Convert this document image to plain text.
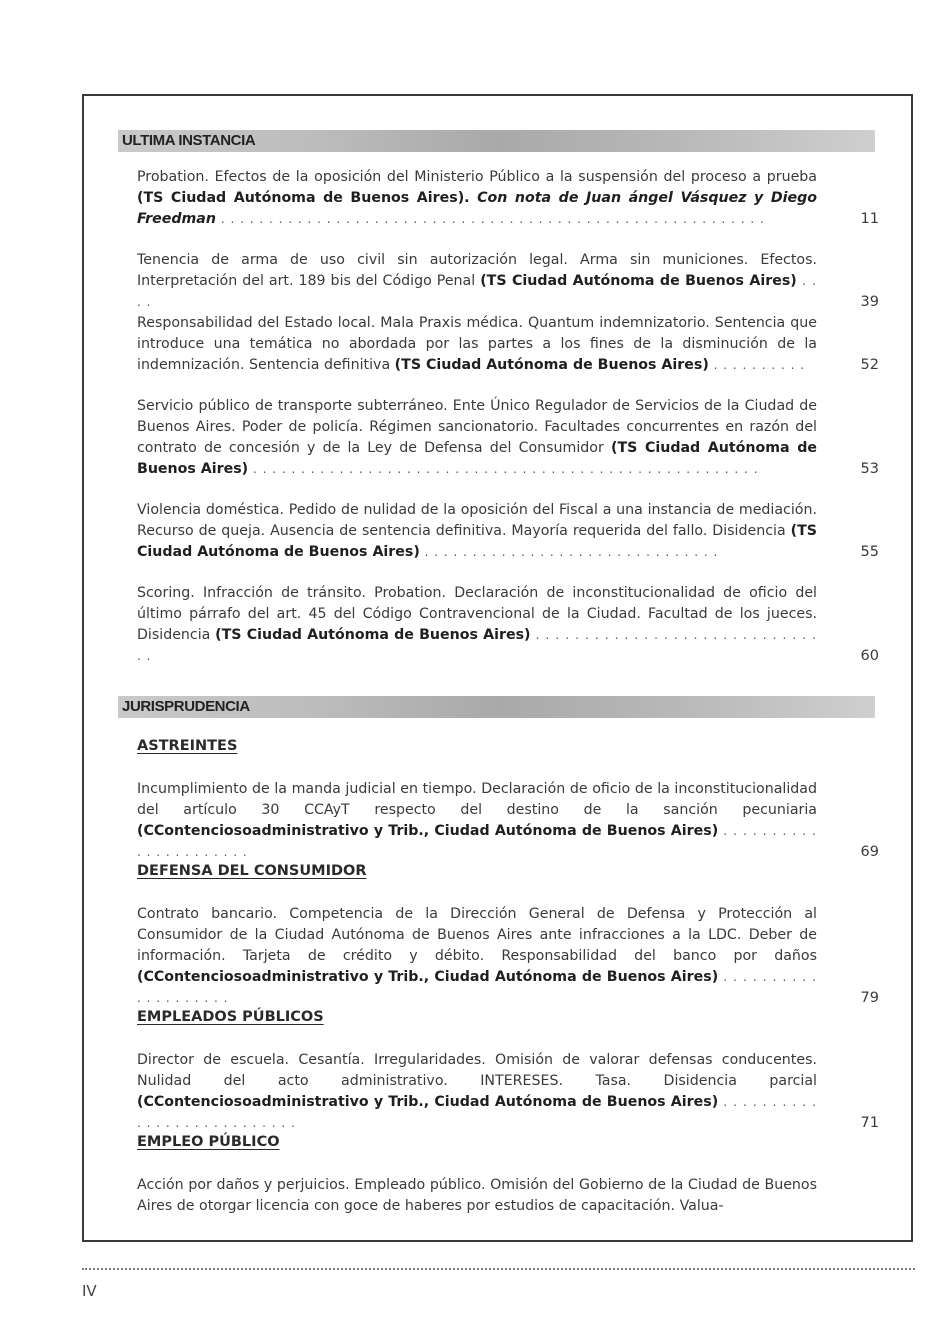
ULTIMA INSTANCIA
Probation. Efectos de la oposición del Ministerio Público a la suspensión del proceso a prueba (TS Ciudad Autónoma de Buenos Aires). Con nota de Juan ángel Vásquez y Diego Freedman . . . . . . . . . . . . . . . . . . . . . . . . . . . . . . . . . . . . . . . . . . . . . . . . . . . . . . . . .	11
Tenencia de arma de uso civil sin autorización legal. Arma sin municiones. Efectos. Interpretación del art. 189 bis del Código Penal (TS Ciudad Autónoma de Buenos Aires) . . . .	39
Responsabilidad del Estado local. Mala Praxis médica. Quantum indemnizatorio. Sentencia que introduce una temática no abordada por las partes a los fines de la disminución de la indemnización. Sentencia definitiva (TS Ciudad Autónoma de Buenos Aires) . . . . . . . . . .	52
Servicio público de transporte subterráneo. Ente Único Regulador de Servicios de la Ciudad de Buenos Aires. Poder de policía. Régimen sancionatorio. Facultades concurrentes en razón del contrato de concesión y de la Ley de Defensa del Consumidor (TS Ciudad Autónoma de Buenos Aires) . . . . . . . . . . . . . . . . . . . . . . . . . . . . . . . . . . . . . . . . . . . . . . . . . . . . .	53
Violencia doméstica. Pedido de nulidad de la oposición del Fiscal a una instancia de mediación. Recurso de queja. Ausencia de sentencia definitiva. Mayoría requerida del fallo. Disidencia (TS Ciudad Autónoma de Buenos Aires) . . . . . . . . . . . . . . . . . . . . . . . . . . . . . . .	55
Scoring. Infracción de tránsito. Probation. Declaración de inconstitucionalidad de oficio del último párrafo del art. 45 del Código Contravencional de la Ciudad. Facultad de los jueces. Disidencia (TS Ciudad Autónoma de Buenos Aires) . . . . . . . . . . . . . . . . . . . . . . . . . . . . . . .	60
JURISPRUDENCIA
ASTREINTES
Incumplimiento de la manda judicial en tiempo. Declaración de oficio de la inconstitucionalidad del artículo 30 CCAyT respecto del destino de la sanción pecuniaria (CContenciosoadministrativo y Trib., Ciudad Autónoma de Buenos Aires) . . . . . . . . . . . . . . . . . . . . . .	69
DEFENSA DEL CONSUMIDOR
Contrato bancario. Competencia de la Dirección General de Defensa y Protección al Consumidor de la Ciudad Autónoma de Buenos Aires ante infracciones a la LDC. Deber de información. Tarjeta de crédito y débito. Responsabilidad del banco por daños (CContenciosoadministrativo y Trib., Ciudad Autónoma de Buenos Aires) . . . . . . . . . . . . . . . . . . . .	79
EMPLEADOS PÚBLICOS
Director de escuela. Cesantía. Irregularidades. Omisión de valorar defensas conducentes. Nulidad del acto administrativo. INTERESES. Tasa. Disidencia parcial (CContenciosoadministrativo y Trib., Ciudad Autónoma de Buenos Aires) . . . . . . . . . . . . . . . . . . . . . . . . . . .	71
EMPLEO PÚBLICO
Acción por daños y perjuicios. Empleado público. Omisión del Gobierno de la Ciudad de Buenos Aires de otorgar licencia con goce de haberes por estudios de capacitación. Valua-
IV
